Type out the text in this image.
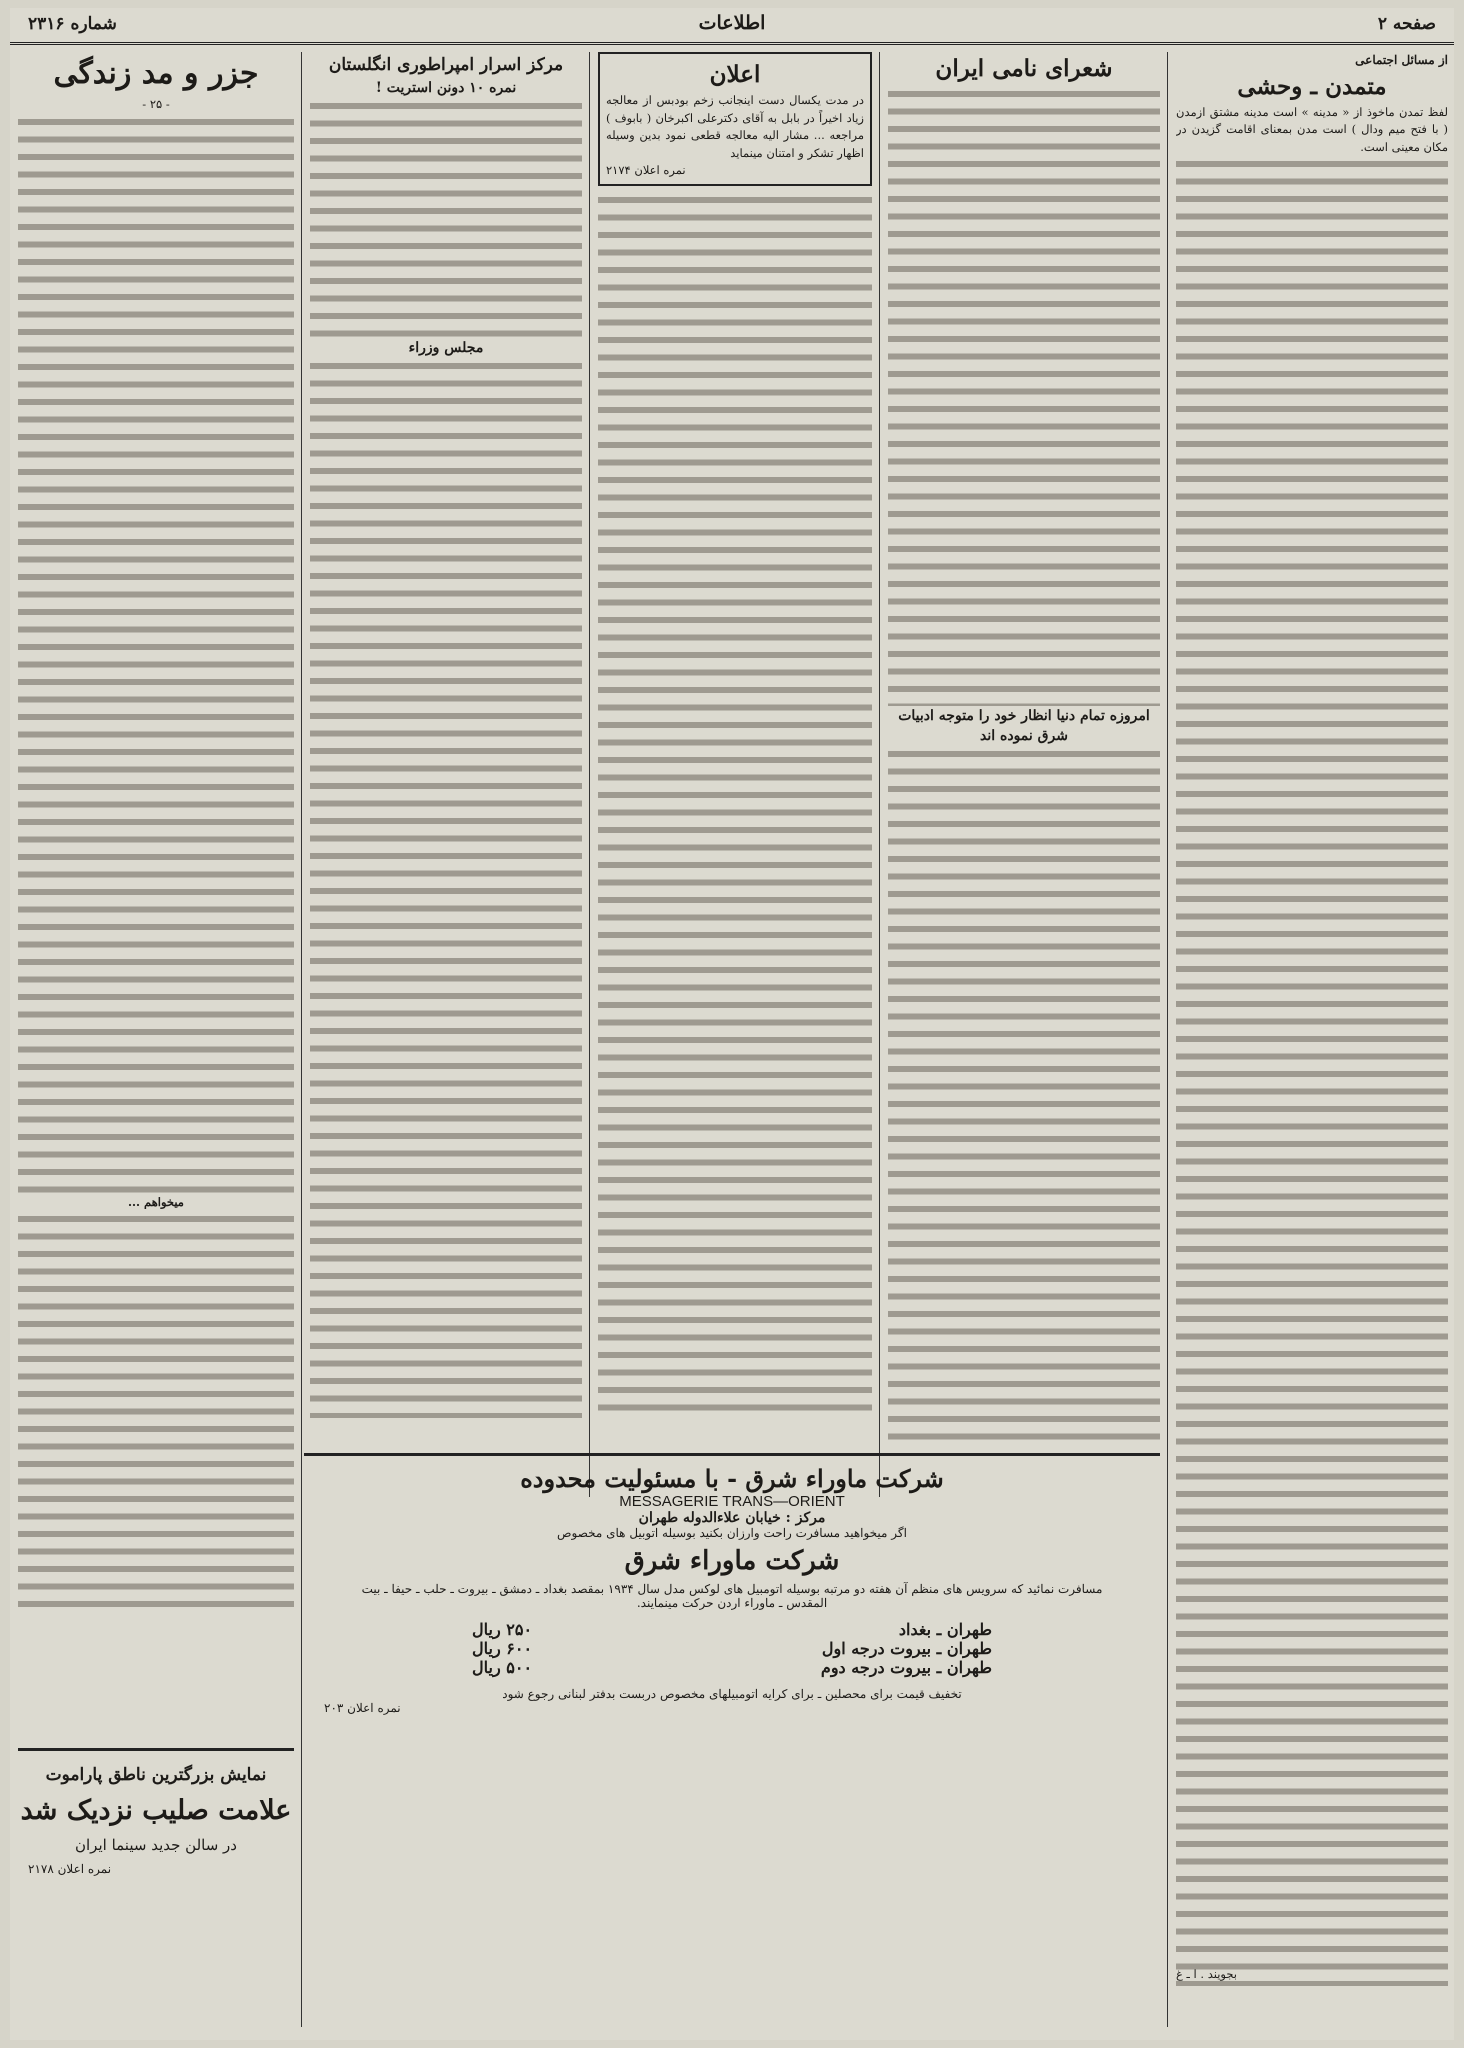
صفحه ۲
اطلاعات
شماره ۲۳۱۶
از مسائل اجتماعی
متمدن ـ وحشی
لفظ تمدن ماخوذ از « مدینه » است مدینه مشتق ازمدن ( با فتح میم ودال ) است مدن بمعنای اقامت گزیدن در مکان معینی است.
بجویند . ا ـ غ
شعرای نامی ایران
امروزه تمام دنیا انظار خود را متوجه ادبیات شرق نموده اند
اعلان
در مدت یکسال دست اینجانب زخم بودبس از معالجه زیاد اخیراً در بابل به آقای دکترعلی اکبرخان ( بابوف ) مراجعه ... مشار الیه معالجه قطعی نمود بدین وسیله اظهار تشکر و امتنان مینماید
نمره اعلان ۲۱۷۴
مرکز اسرار امپراطوری انگلستان
نمره ۱۰ دونن استریت !
مجلس وزراء
جزر و مد زندگی
- ۲۵ -
میخواهم ...
شرکت ماوراء شرق - با مسئولیت محدوده
MESSAGERIE TRANS—ORIENT
مرکز : خیابان علاءالدوله طهران
اگر میخواهید مسافرت راحت وارزان بکنید بوسیله اتوبیل های مخصوص
شرکت ماوراء شرق
مسافرت نمائید که سرویس های منظم آن هفته دو مرتبه بوسیله اتومبیل های لوکس مدل سال ۱۹۳۴ بمقصد بغداد ـ دمشق ـ بیروت ـ حلب ـ حیفا ـ بیت المقدس ـ ماوراء اردن حرکت مینمایند.
طهران ـ بغداد
۲۵۰ ریال
طهران ـ بیروت درجه اول
۶۰۰ ریال
طهران ـ بیروت درجه دوم
۵۰۰ ریال
تخفیف قیمت برای محصلین ـ برای کرایه اتومبیلهای مخصوص دربست بدفتر لبنانی رجوع شود
نمره اعلان ۲۰۳
نمایش بزرگترین ناطق پاراموت
علامت صلیب نزدیک شد
در سالن جدید سینما ایران
نمره اعلان ۲۱۷۸
